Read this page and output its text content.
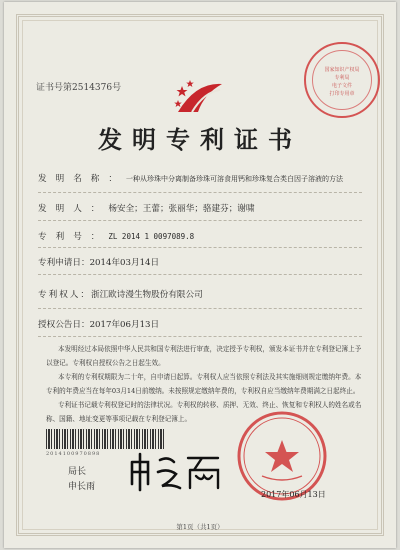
证书号第2514376号
国家知识产权局
专利局
电子文件
打印专用章
发明专利证书
发明名称：一种从珍珠中分离制备珍珠可溶食用钙和珍珠复合类白因子溶液的方法
发明人：杨安全；王蕾；张丽华；骆建芬；谢啸
专利号：ZL 2014 1 0097089.8
专利申请日：2014年03月14日
专利权人：浙江欧诗漫生物股份有限公司
授权公告日：2017年06月13日

本发明经过本局依照中华人民共和国专利法进行审查，决定授予专利权，颁发本证书并在专利登记簿上予以登记。专利权自授权公告之日起生效。

本专利的专利权期限为二十年，自申请日起算。专利权人应当依照专利法及其实施细则规定缴纳年费。本专利的年费应当在每年03月14日前缴纳。未按照规定缴纳年费的，专利权自应当缴纳年费期满之日起终止。

专利证书记载专利权登记时的法律状况。专利权的转移、质押、无效、终止、恢复和专利权人的姓名或名称、国籍、地址变更等事项记载在专利登记簿上。

2014100970898
局长
申长雨
2017年06月13日
第1页（共1页）
